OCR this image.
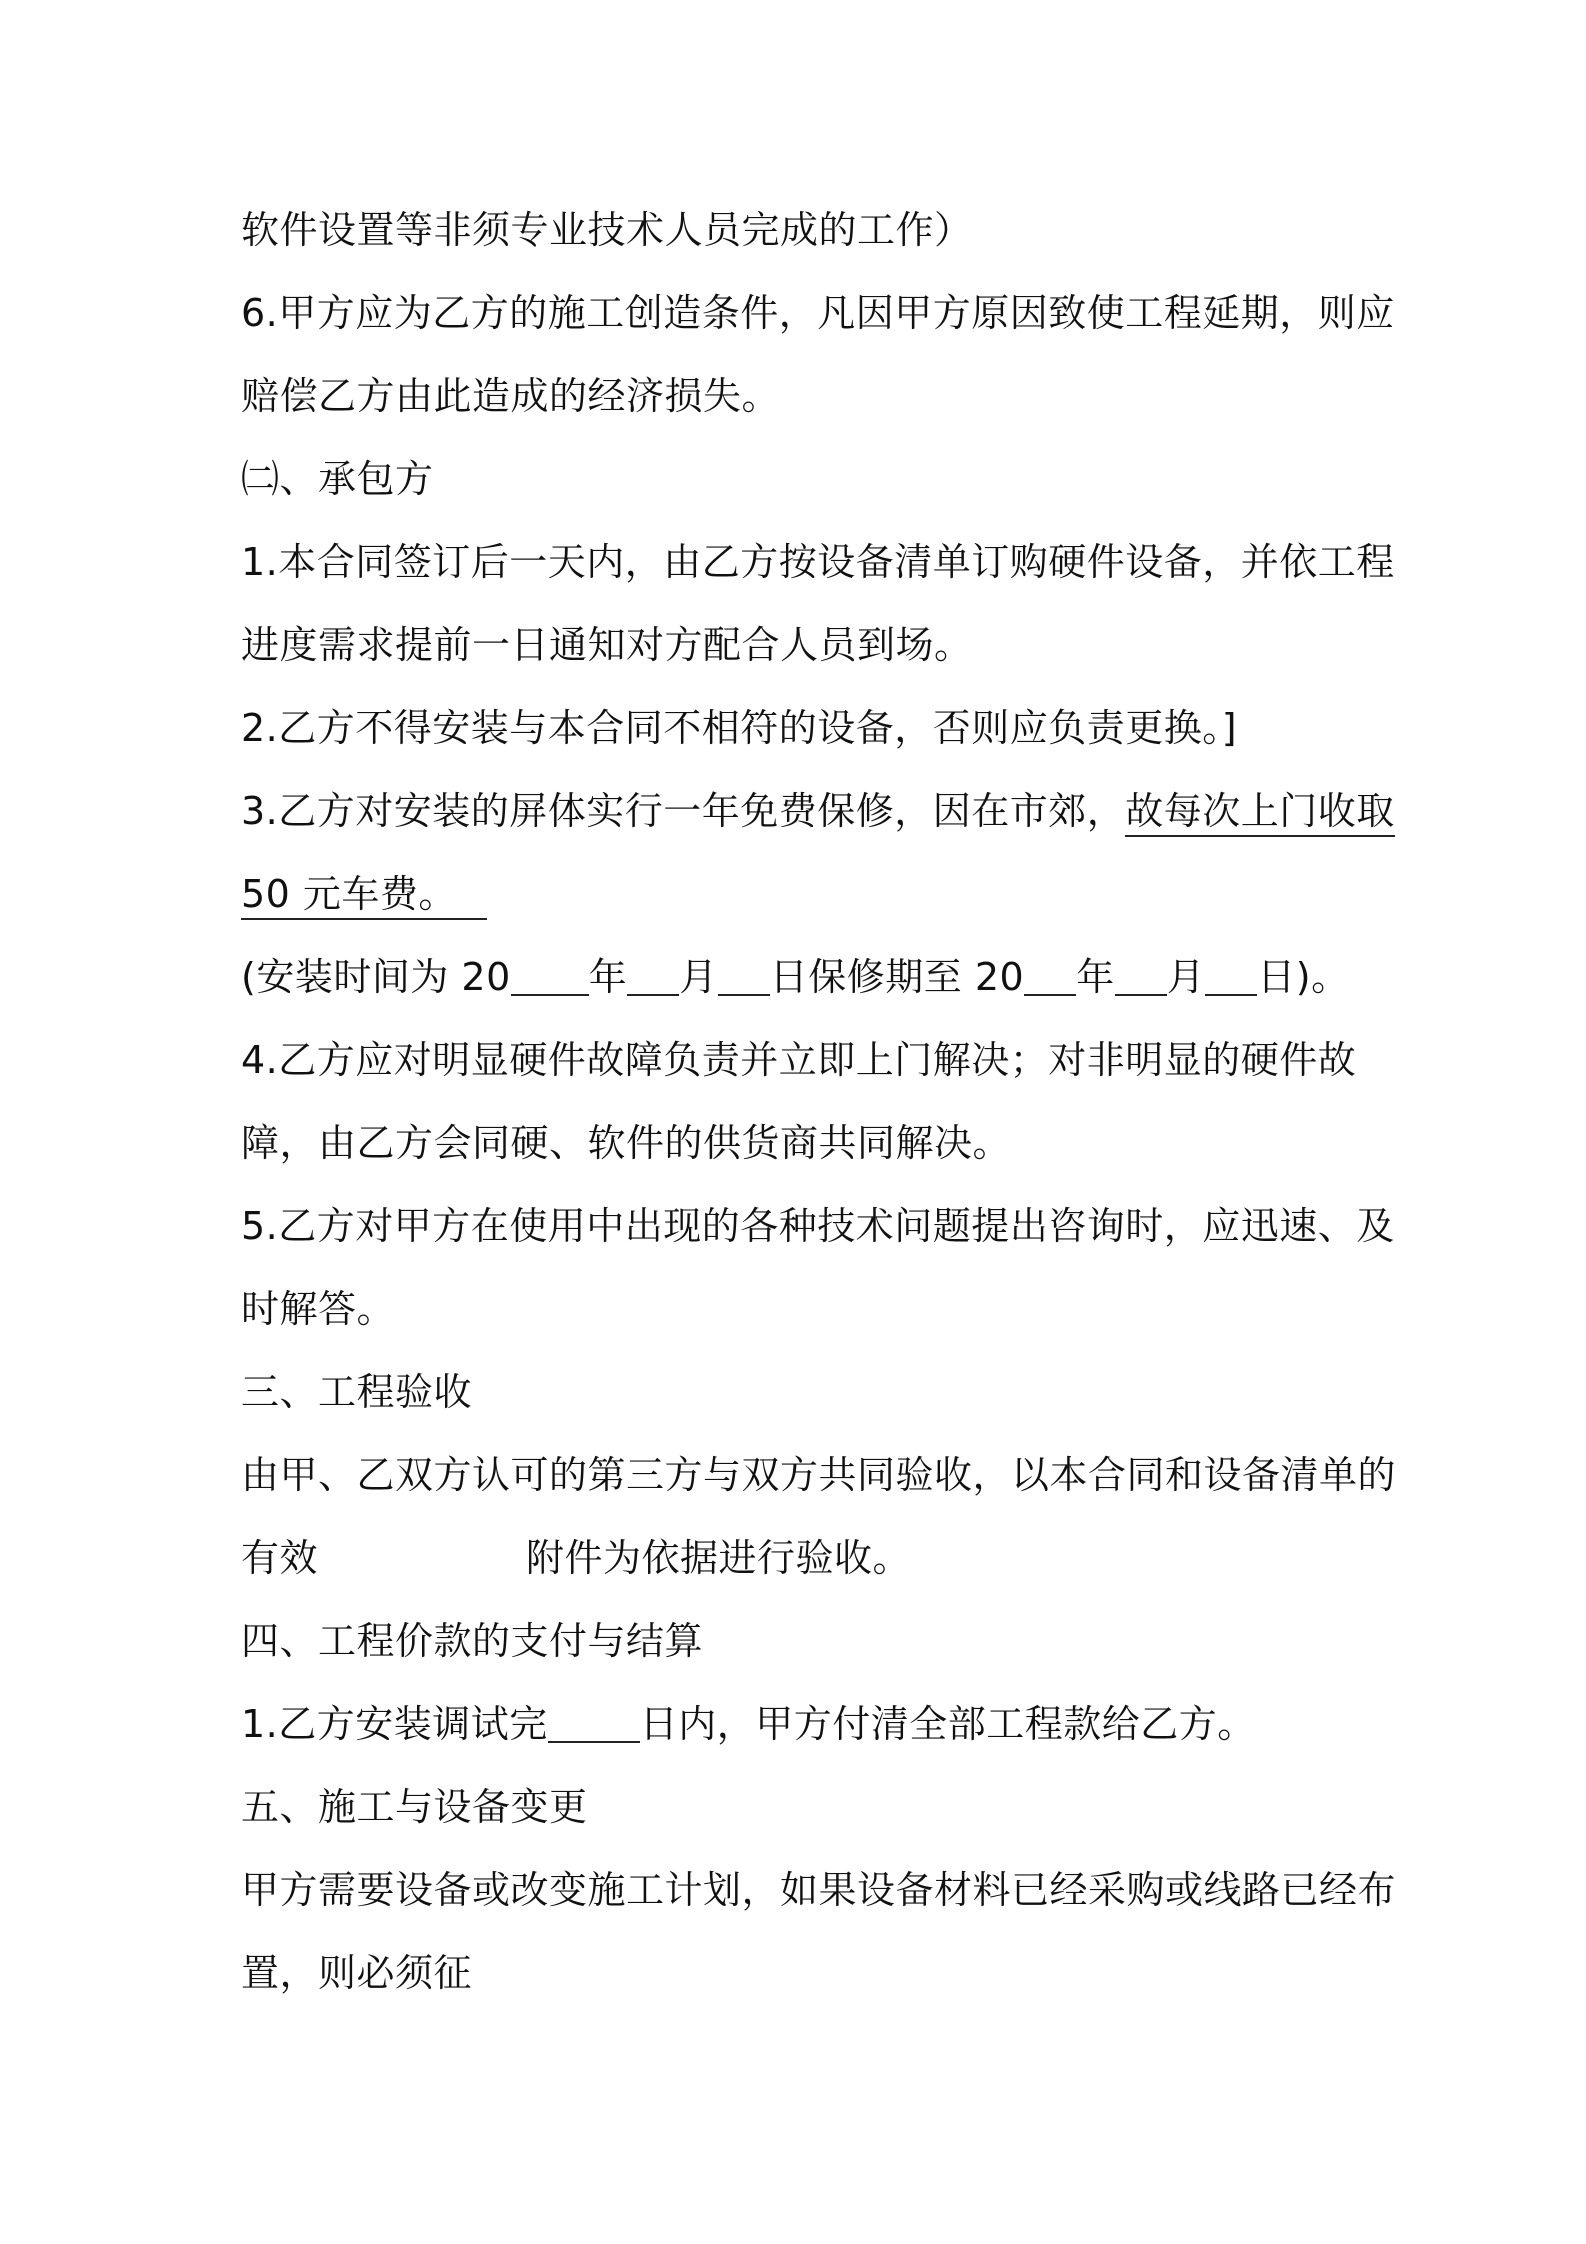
软件设置等非须专业技术人员完成的工作）
6.甲方应为乙方的施工创造条件，凡因甲方原因致使工程延期，则应
赔偿乙方由此造成的经济损失。
㈡、承包方
1.本合同签订后一天内，由乙方按设备清单订购硬件设备，并依工程
进度需求提前一日通知对方配合人员到场。
2.乙方不得安装与本合同不相符的设备，否则应负责更换。]
3.乙方对安装的屏体实行一年免费保修，因在市郊，故每次上门收取
50 元车费。
(安装时间为 20 年 月 日保修期至 20 年 月 日)。
4.乙方应对明显硬件故障负责并立即上门解决；对非明显的硬件故
障，由乙方会同硬、软件的供货商共同解决。
5.乙方对甲方在使用中出现的各种技术问题提出咨询时，应迅速、及
时解答。
三、工程验收
由甲、乙双方认可的第三方与双方共同验收，以本合同和设备清单的
有效	附件为依据进行验收。
四、工程价款的支付与结算
1.乙方安装调试完 日内，甲方付清全部工程款给乙方。
五、施工与设备变更
甲方需要设备或改变施工计划，如果设备材料已经采购或线路已经布
置，则必须征
